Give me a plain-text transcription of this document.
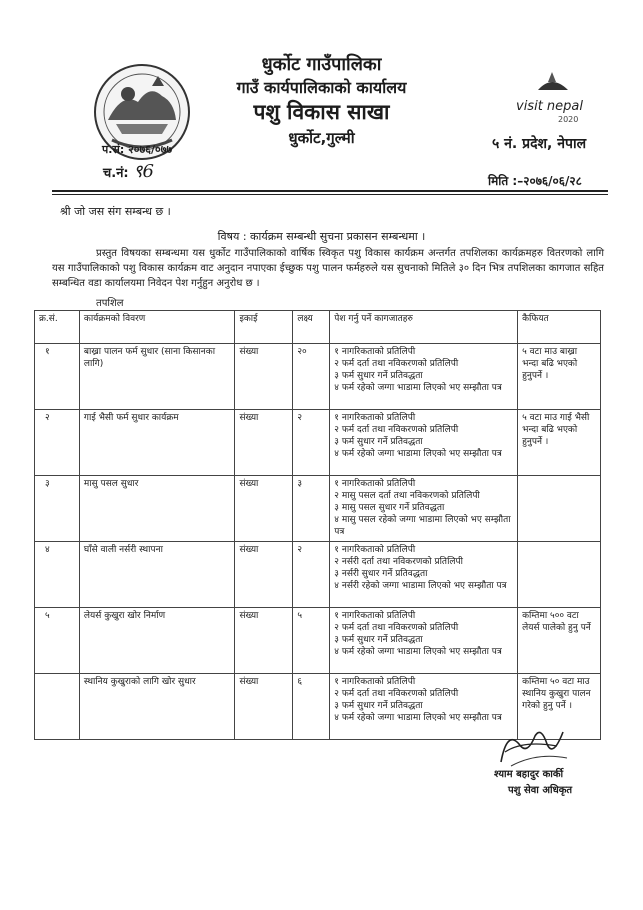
visit nepal
2020
धुर्कोट गाउँपालिका
गाउँ कार्यपालिकाको कार्यालय
पशु विकास साखा
धुर्कोट,गुल्मी
प.सं: २०७६/०७७
च.नं: ९6
५ नं. प्रदेश, नेपाल
मिति :–२०७६/०६/२८
श्री जो जस संग सम्बन्ध छ ।
विषय : कार्यक्रम सम्बन्धी सुचना प्रकासन सम्बन्धमा ।
प्रस्तुत विषयका सम्बन्धमा यस धुर्कोट गाउँपालिकाको वार्षिक स्विकृत पशु विकास कार्यक्रम अन्तर्गत तपशिलका कार्यक्रमहरु वितरणको लागि यस गाउँपालिकाको पशु विकास कार्यक्रम वाट अनुदान नपाएका ईच्छुक पशु पालन फर्महरुले यस सुचनाको मितिले ३० दिन भित्र तपशिलका कागजात सहित सम्बन्धित वडा कार्यालयमा निवेदन पेश गर्नुहुन अनुरोध छ ।
तपशिल
क्र.सं.	कार्यक्रमको विवरण	इकाई	लक्ष्य	पेश गर्नु पर्ने कागजातहरु	कैफियत
१	बाख्रा पालन फर्म सुधार (साना किसानका लागि)	संख्या	२०	१ नागरिकताको प्रतिलिपी
२ फर्म दर्ता तथा नविकरणको प्रतिलिपी
३ फर्म सुधार गर्ने प्रतिवद्धता
४ फर्म रहेको जग्गा भाडामा लिएको भए सम्झौता पत्र	५ वटा माउ बाख्रा भन्दा बढि भएको हुनुपर्ने ।
२	गाई भैसी फर्म सुधार कार्यक्रम	संख्या	२	१ नागरिकताको प्रतिलिपी
२ फर्म दर्ता तथा नविकरणको प्रतिलिपी
३ फर्म सुधार गर्ने प्रतिवद्धता
४ फर्म रहेको जग्गा भाडामा लिएको भए सम्झौता पत्र	५ वटा माउ गाई भैसी भन्दा बढि भएको हुनुपर्ने ।
३	मासु पसल सुधार	संख्या	३	१ नागरिकताको प्रतिलिपी
२ मासु पसल दर्ता तथा नविकरणको प्रतिलिपी
३ मासु पसल सुधार गर्ने प्रतिवद्धता
४ मासु पसल रहेको जग्गा भाडामा लिएको भए सम्झौता पत्र	

४	घाँसे वाली नर्सरी स्थापना	संख्या	२	१ नागरिकताको प्रतिलिपी
२ नर्सरी दर्ता तथा नविकरणको प्रतिलिपी
३ नर्सरी सुधार गर्ने प्रतिवद्धता
४ नर्सरी रहेको जग्गा भाडामा लिएको भए सम्झौता पत्र	

५	लेयर्स कुखुरा खोर निर्माण	संख्या	५	१ नागरिकताको प्रतिलिपी
२ फर्म दर्ता तथा नविकरणको प्रतिलिपी
३ फर्म सुधार गर्ने प्रतिवद्धता
४ फर्म रहेको जग्गा भाडामा लिएको भए सम्झौता पत्र	कम्तिमा ५०० वटा लेयर्स पालेको हुनु पर्ने
	स्थानिय कुखुराको लागि खोर सुधार	संख्या	६	१ नागरिकताको प्रतिलिपी
२ फर्म दर्ता तथा नविकरणको प्रतिलिपी
३ फर्म सुधार गर्ने प्रतिवद्धता
४ फर्म रहेको जग्गा भाडामा लिएको भए सम्झौता पत्र	कम्तिमा ५० वटा माउ स्थानिय कुखुरा पालन गरेको हुनु पर्ने ।
श्याम बहादुर कार्की
पशु सेवा अधिकृत
